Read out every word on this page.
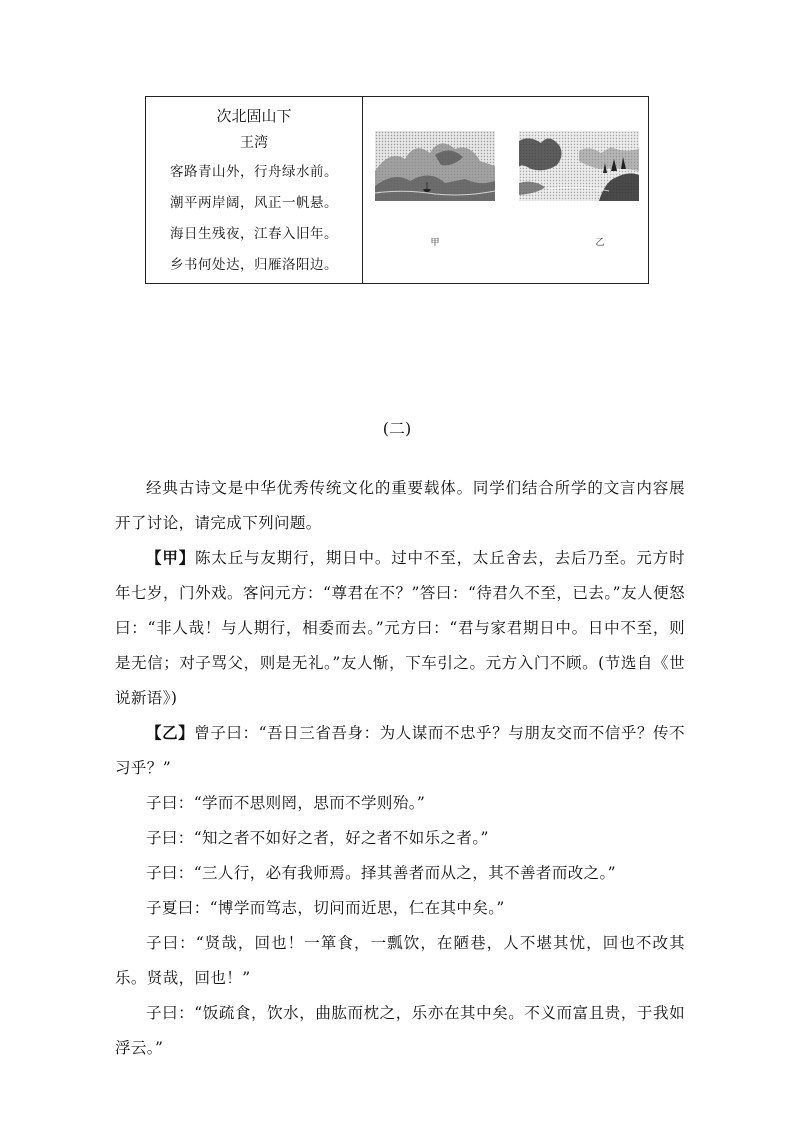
次北固山下
王湾
客路青山外，行舟绿水前。
潮平两岸阔，风正一帆悬。
海日生残夜，江春入旧年。
乡书何处达，归雁洛阳边。
甲	乙
(二)

经典古诗文是中华优秀传统文化的重要载体。同学们结合所学的文言内容展开了讨论，请完成下列问题。

【甲】陈太丘与友期行，期日中。过中不至，太丘舍去，去后乃至。元方时年七岁，门外戏。客问元方：“尊君在不？”答曰：“待君久不至，已去。”友人便怒曰：“非人哉！与人期行，相委而去。”元方曰：“君与家君期日中。日中不至，则是无信；对子骂父，则是无礼。”友人惭，下车引之。元方入门不顾。(节选自《世说新语》)

【乙】曾子曰：“吾日三省吾身：为人谋而不忠乎？与朋友交而不信乎？传不习乎？”

子曰：“学而不思则罔，思而不学则殆。”

子曰：“知之者不如好之者，好之者不如乐之者。”

子曰：“三人行，必有我师焉。择其善者而从之，其不善者而改之。”

子夏曰：“博学而笃志，切问而近思，仁在其中矣。”

子曰：“贤哉，回也！一箪食，一瓢饮，在陋巷，人不堪其忧，回也不改其乐。贤哉，回也！”

子曰：“饭疏食，饮水，曲肱而枕之，乐亦在其中矣。不义而富且贵，于我如浮云。”
